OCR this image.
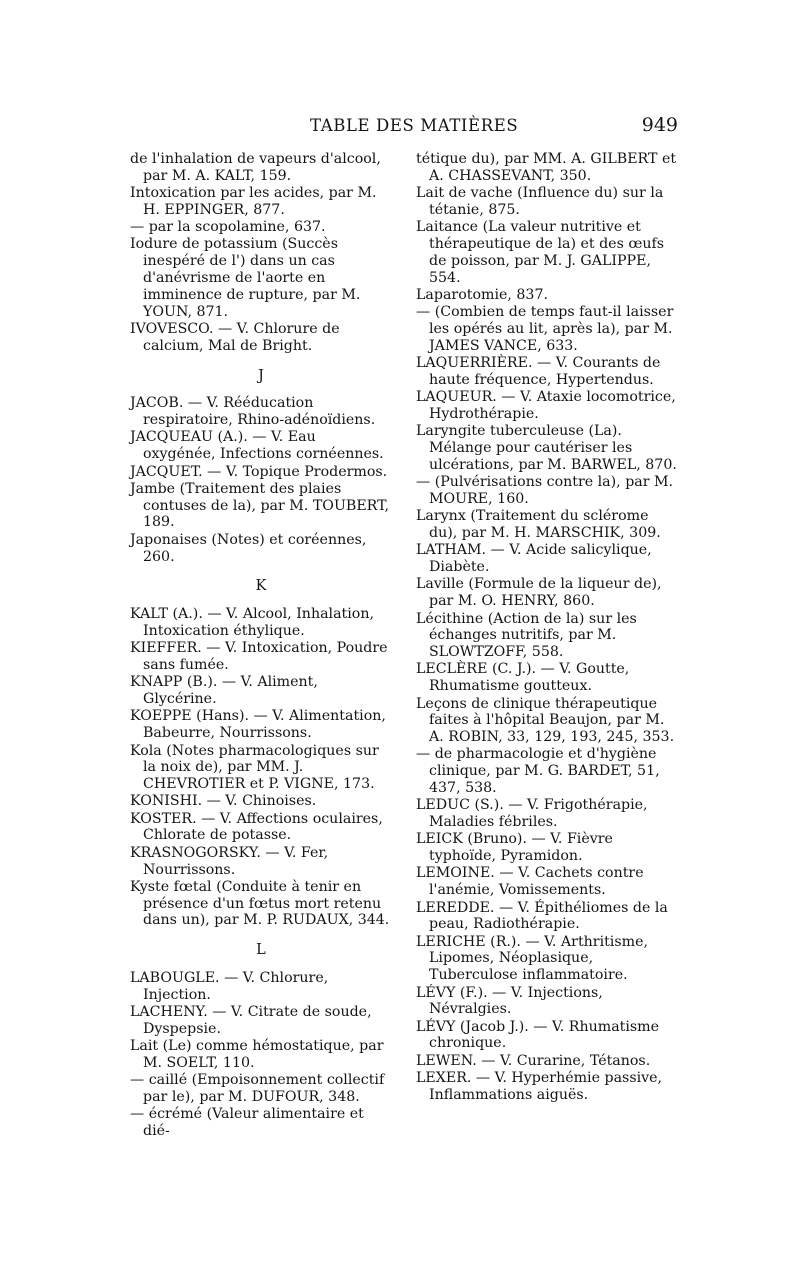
TABLE DES MATIÈRES	949
de l'inhalation de vapeurs d'alcool, par M. A. KALT, 159.
Intoxication par les acides, par M. H. EPPINGER, 877.
— par la scopolamine, 637.
Iodure de potassium (Succès inespéré de l') dans un cas d'anévrisme de l'aorte en imminence de rupture, par M. YOUN, 871.
IVOVESCO. — V. Chlorure de calcium, Mal de Bright.
J
JACOB. — V. Rééducation respiratoire, Rhino-adénoïdiens.
JACQUEAU (A.). — V. Eau oxygénée, Infections cornéennes.
JACQUET. — V. Topique Prodermos.
Jambe (Traitement des plaies contuses de la), par M. TOUBERT, 189.
Japonaises (Notes) et coréennes, 260.
K
KALT (A.). — V. Alcool, Inhalation, Intoxication éthylique.
KIEFFER. — V. Intoxication, Poudre sans fumée.
KNAPP (B.). — V. Aliment, Glycérine.
KOEPPE (Hans). — V. Alimentation, Babeurre, Nourrissons.
Kola (Notes pharmacologiques sur la noix de), par MM. J. CHEVROTIER et P. VIGNE, 173.
KONISHI. — V. Chinoises.
KOSTER. — V. Affections oculaires, Chlorate de potasse.
KRASNOGORSKY. — V. Fer, Nourrissons.
Kyste fœtal (Conduite à tenir en présence d'un fœtus mort retenu dans un), par M. P. RUDAUX, 344.
L
LABOUGLE. — V. Chlorure, Injection.
LACHENY. — V. Citrate de soude, Dyspepsie.
Lait (Le) comme hémostatique, par M. SOELT, 110.
— caillé (Empoisonnement collectif par le), par M. DUFOUR, 348.
— écrémé (Valeur alimentaire et dié-
tétique du), par MM. A. GILBERT et A. CHASSEVANT, 350.
Lait de vache (Influence du) sur la tétanie, 875.
Laitance (La valeur nutritive et thérapeutique de la) et des œufs de poisson, par M. J. GALIPPE, 554.
Laparotomie, 837.
— (Combien de temps faut-il laisser les opérés au lit, après la), par M. JAMES VANCE, 633.
LAQUERRIÈRE. — V. Courants de haute fréquence, Hypertendus.
LAQUEUR. — V. Ataxie locomotrice, Hydrothérapie.
Laryngite tuberculeuse (La). Mélange pour cautériser les ulcérations, par M. BARWEL, 870.
— (Pulvérisations contre la), par M. MOURE, 160.
Larynx (Traitement du sclérome du), par M. H. MARSCHIK, 309.
LATHAM. — V. Acide salicylique, Diabète.
Laville (Formule de la liqueur de), par M. O. HENRY, 860.
Lécithine (Action de la) sur les échanges nutritifs, par M. SLOWTZOFF, 558.
LECLÈRE (C. J.). — V. Goutte, Rhumatisme goutteux.
Leçons de clinique thérapeutique faites à l'hôpital Beaujon, par M. A. ROBIN, 33, 129, 193, 245, 353.
— de pharmacologie et d'hygiène clinique, par M. G. BARDET, 51, 437, 538.
LEDUC (S.). — V. Frigothérapie, Maladies fébriles.
LEICK (Bruno). — V. Fièvre typhoïde, Pyramidon.
LEMOINE. — V. Cachets contre l'anémie, Vomissements.
LEREDDE. — V. Épithéliomes de la peau, Radiothérapie.
LERICHE (R.). — V. Arthritisme, Lipomes, Néoplasique, Tuberculose inflammatoire.
LÉVY (F.). — V. Injections, Névralgies.
LÉVY (Jacob J.). — V. Rhumatisme chronique.
LEWEN. — V. Curarine, Tétanos.
LEXER. — V. Hyperhémie passive, Inflammations aiguës.
